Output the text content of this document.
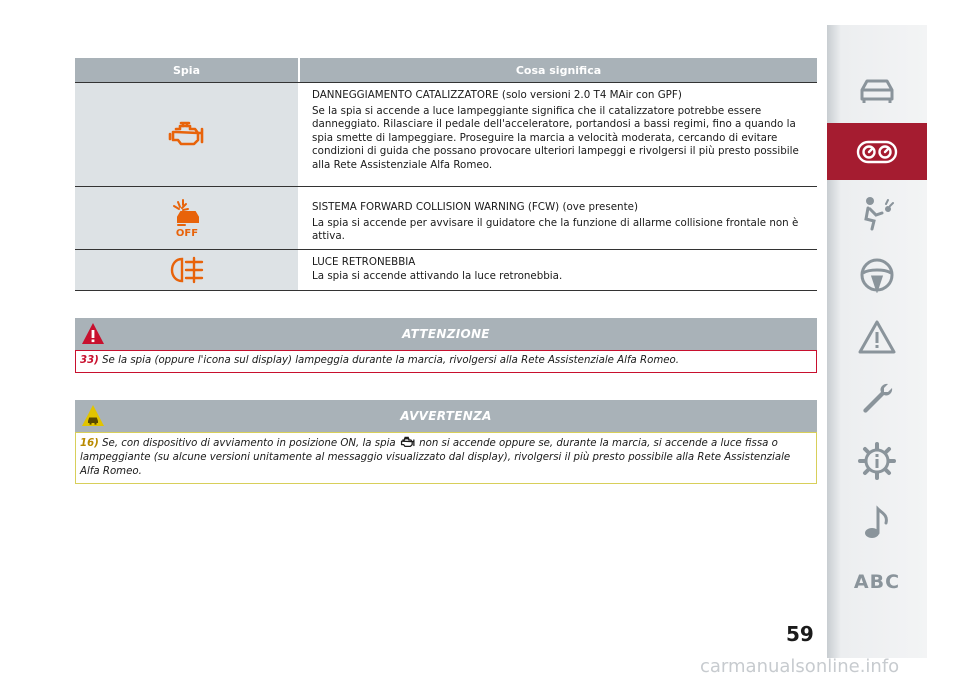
Spia	Cosa significa
DANNEGGIAMENTO CATALIZZATORE (solo versioni 2.0 T4 MAir con GPF)
Se la spia si accende a luce lampeggiante significa che il catalizzatore potrebbe essere danneggiato. Rilasciare il pedale dell'acceleratore, portandosi a bassi regimi, fino a quando la spia smette di lampeggiare. Proseguire la marcia a velocità moderata, cercando di evitare condizioni di guida che possano provocare ulteriori lampeggi e rivolgersi il più presto possibile alla Rete Assistenziale Alfa Romeo.
OFF
SISTEMA FORWARD COLLISION WARNING (FCW) (ove presente)
La spia si accende per avvisare il guidatore che la funzione di allarme collisione frontale non è attiva.
LUCE RETRONEBBIA
La spia si accende attivando la luce retronebbia.
ATTENZIONE
33) Se la spia (oppure l'icona sul display) lampeggia durante la marcia, rivolgersi alla Rete Assistenziale Alfa Romeo.
AVVERTENZA
16) Se, con dispositivo di avviamento in posizione ON, la spia non si accende oppure se, durante la marcia, si accende a luce fissa o lampeggiante (su alcune versioni unitamente al messaggio visualizzato dal display), rivolgersi il più presto possibile alla Rete Assistenziale Alfa Romeo.
59
ABC
carmanualsonline.info
